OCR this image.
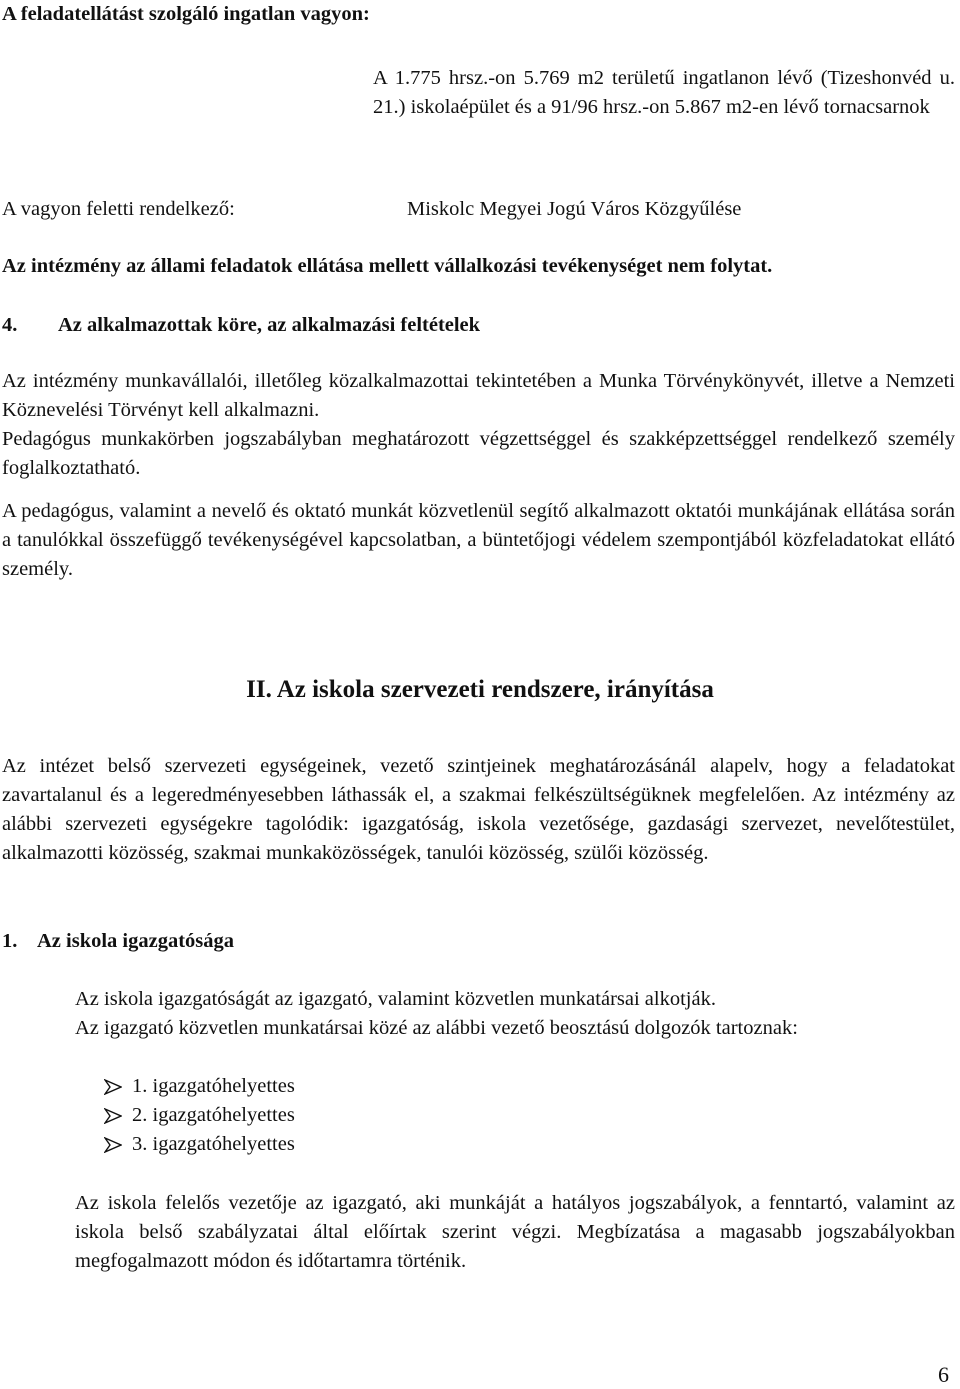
A feladatellátást szolgáló ingatlan vagyon:
A 1.775 hrsz.-on 5.769 m2 területű ingatlanon lévő (Tizeshonvéd u. 21.) iskolaépület és a 91/96 hrsz.-on 5.867 m2-en lévő tornacsarnok
A vagyon feletti rendelkező:	Miskolc Megyei Jogú Város Közgyűlése
Az intézmény az állami feladatok ellátása mellett vállalkozási tevékenységet nem folytat.
4. Az alkalmazottak köre, az alkalmazási feltételek
Az intézmény munkavállalói, illetőleg közalkalmazottai tekintetében a Munka Törvénykönyvét, illetve a Nemzeti Köznevelési Törvényt kell alkalmazni.
Pedagógus munkakörben jogszabályban meghatározott végzettséggel és szakképzettséggel rendelkező személy foglalkoztatható.
A pedagógus, valamint a nevelő és oktató munkát közvetlenül segítő alkalmazott oktatói munkájának ellátása során a tanulókkal összefüggő tevékenységével kapcsolatban, a büntetőjogi védelem szempontjából közfeladatokat ellátó személy.
II. Az iskola szervezeti rendszere, irányítása
Az intézet belső szervezeti egységeinek, vezető szintjeinek meghatározásánál alapelv, hogy a feladatokat zavartalanul és a legeredményesebben láthassák el, a szakmai felkészültségüknek megfelelően. Az intézmény az alábbi szervezeti egységekre tagolódik: igazgatóság, iskola vezetősége, gazdasági szervezet, nevelőtestület, alkalmazotti közösség, szakmai munkaközösségek, tanulói közösség, szülői közösség.
1. Az iskola igazgatósága
Az iskola igazgatóságát az igazgató, valamint közvetlen munkatársai alkotják.
Az igazgató közvetlen munkatársai közé az alábbi vezető beosztású dolgozók tartoznak:
1. igazgatóhelyettes
2. igazgatóhelyettes
3. igazgatóhelyettes
Az iskola felelős vezetője az igazgató, aki munkáját a hatályos jogszabályok, a fenntartó, valamint az iskola belső szabályzatai által előírtak szerint végzi. Megbízatása a magasabb jogszabályokban megfogalmazott módon és időtartamra történik.
6
